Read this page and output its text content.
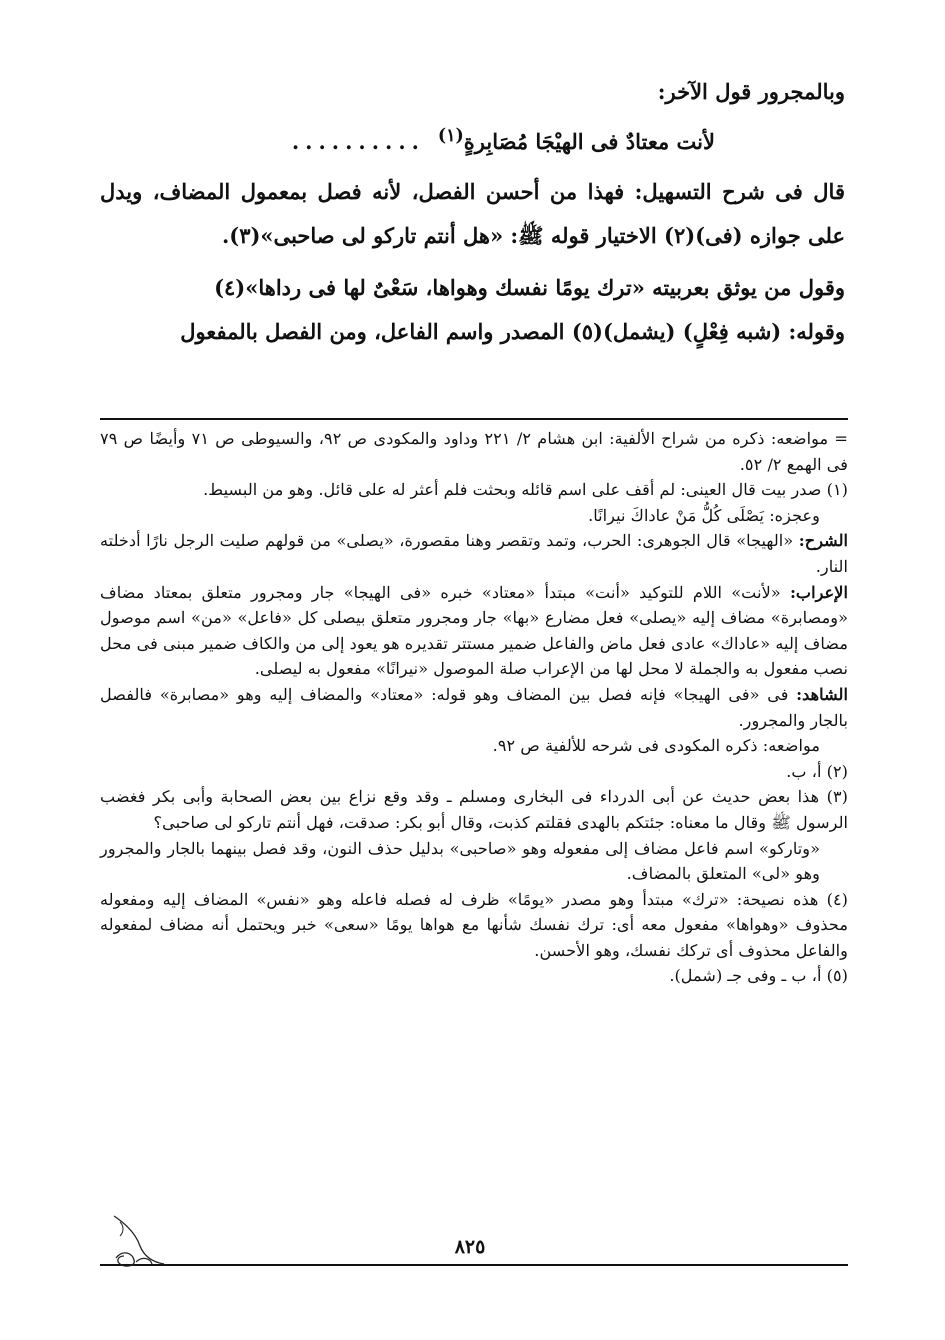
وبالمجرور قول الآخر:

لأنت معتادٌ فى الهيْجَا مُصَابِرةٍ$^{(١)}$
..........

قال فى شرح التسهيل: فهذا من أحسن الفصل، لأنه فصل بمعمول المضاف، ويدل على جوازه (فى)(٢) الاختيار قوله ﷺ: «هل أنتم تاركو لى صاحبى»(٣).

وقول من يوثق بعربيته «ترك يومًا نفسك وهواها، سَعْىٌ لها فى رداها»(٤)

وقوله: (شبه فِعْلٍ) (يشمل)(٥) المصدر واسم الفاعل، ومن الفصل بالمفعول

= مواضعه: ذكره من شراح الألفية: ابن هشام ٢/ ٢٢١ وداود والمكودى ص ٩٢، والسيوطى ص ٧١ وأيضًا ص ٧٩ فى الهمع ٢/ ٥٢.

(١) صدر بيت قال العينى: لم أقف على اسم قائله وبحثت فلم أعثر له على قائل. وهو من البسيط.

وعجزه: يَصْلَى كُلُّ مَنْ عاداكَ نيرانًا.

الشرح: «الهيجا» قال الجوهرى: الحرب، وتمد وتقصر وهنا مقصورة، «يصلى» من قولهم صليت الرجل نارًا أدخلته النار.

الإعراب: «لأنت» اللام للتوكيد «أنت» مبتدأ «معتاد» خبره «فى الهيجا» جار ومجرور متعلق بمعتاد مضاف «ومصابرة» مضاف إليه «يصلى» فعل مضارع «بها» جار ومجرور متعلق بيصلى كل «فاعل» «من» اسم موصول مضاف إليه «عاداك» عادى فعل ماض والفاعل ضمير مستتر تقديره هو يعود إلى من والكاف ضمير مبنى فى محل نصب مفعول به والجملة لا محل لها من الإعراب صلة الموصول «نيرانًا» مفعول به ليصلى.

الشاهد: فى «فى الهيجا» فإنه فصل بين المضاف وهو قوله: «معتاد» والمضاف إليه وهو «مصابرة» فالفصل بالجار والمجرور.

مواضعه: ذكره المكودى فى شرحه للألفية ص ٩٢.

(٢) أ، ب.

(٣) هذا بعض حديث عن أبى الدرداء فى البخارى ومسلم ـ وقد وقع نزاع بين بعض الصحابة وأبى بكر فغضب الرسول ﷺ وقال ما معناه: جئتكم بالهدى فقلتم كذبت، وقال أبو بكر: صدقت، فهل أنتم تاركو لى صاحبى؟

«وتاركو» اسم فاعل مضاف إلى مفعوله وهو «صاحبى» بدليل حذف النون، وقد فصل بينهما بالجار والمجرور وهو «لى» المتعلق بالمضاف.

(٤) هذه نصيحة: «ترك» مبتدأ وهو مصدر «يومًا» ظرف له فصله فاعله وهو «نفس» المضاف إليه ومفعوله محذوف «وهواها» مفعول معه أى: ترك نفسك شأنها مع هواها يومًا «سعى» خبر ويحتمل أنه مضاف لمفعوله والفاعل محذوف أى تركك نفسك، وهو الأحسن.

(٥) أ، ب ـ وفى جـ (شمل).

٨٢٥
